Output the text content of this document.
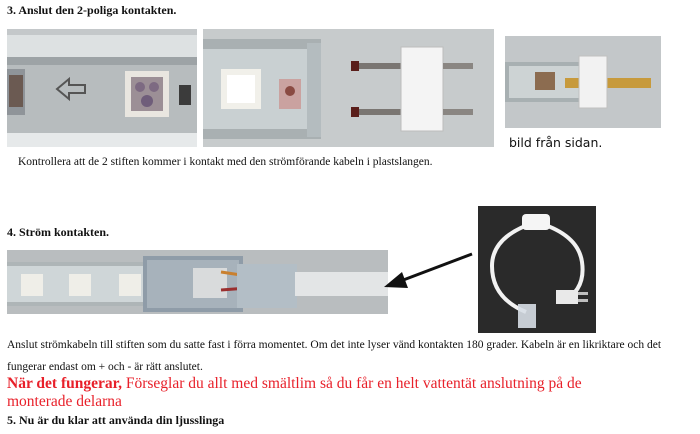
3. Anslut den 2-poliga kontakten.
bild från sidan.
Kontrollera att de 2 stiften kommer i kontakt med den strömförande kabeln i plastslangen.
4. Ström kontakten.
Anslut strömkabeln till stiften som du satte fast i förra momentet. Om det inte lyser vänd kontakten 180 grader. Kabeln är en likriktare och det
fungerar endast om + och - är rätt anslutet.
När det fungerar, Förseglar du allt med smältlim så du får en helt vattentät anslutning på de
monterade delarna
5. Nu är du klar att använda din ljusslinga
